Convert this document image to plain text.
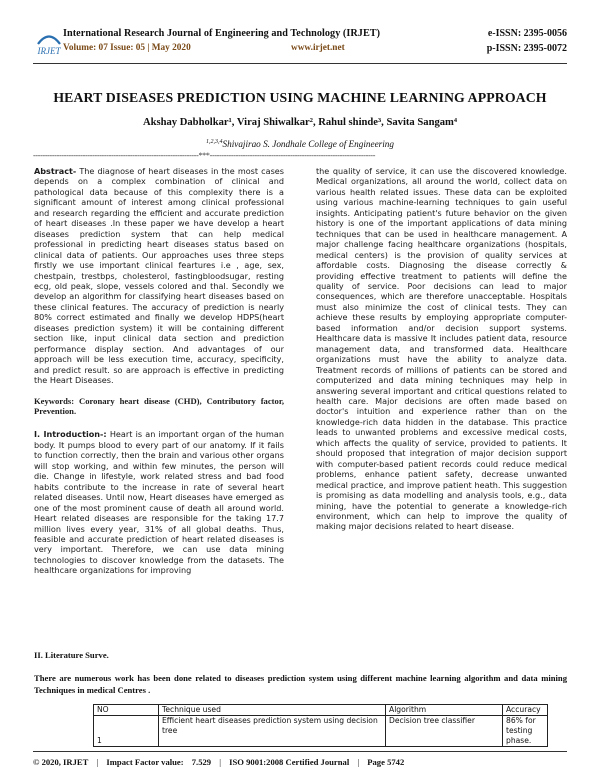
IRJET
International Research Journal of Engineering and Technology (IRJET)
Volume: 07 Issue: 05 | May 2020	www.irjet.net
e-ISSN: 2395-0056
p-ISSN: 2395-0072
HEART DISEASES PREDICTION USING MACHINE LEARNING APPROACH
Akshay Dabholkar¹, Viraj Shiwalkar², Rahul shinde³, Savita Sangam⁴
$^{1,2,3,4}$Shivajirao S. Jondhale College of Engineering
----------------------------------------------------------------------***----------------------------------------------------------------------

Abstract- The diagnose of heart diseases in the most cases depends on a complex combination of clinical and pathological data because of this complexity there is a significant amount of interest among clinical professional and research regarding the efficient and accurate prediction of heart diseases .In these paper we have develop a heart diseases prediction system that can help medical professional in predicting heart diseases status based on clinical data of patients. Our approaches uses three steps firstly we use important clinical feartures i.e , age, sex, chestpain, trestbps, cholesterol, fastingbloodsugar, resting ecg, old peak, slope, vessels colored and thal. Secondly we develop an algorithm for classifying heart diseases based on these clinical features. The accuracy of prediction is nearly 80% correct estimated and finally we develop HDPS(heart diseases prediction system) it will be containing different section like, input clinical data section and prediction performance display section. And advantages of our approach will be less execution time, accuracy, specificity, and predict result. so are approach is effective in predicting the Heart Diseases.

Keywords: Coronary heart disease (CHD), Contributory factor, Prevention.

I. Introduction-: Heart is an important organ of the human body. It pumps blood to every part of our anatomy. If it fails to function correctly, then the brain and various other organs will stop working, and within few minutes, the person will die. Change in lifestyle, work related stress and bad food habits contribute to the increase in rate of several heart related diseases. Until now, Heart diseases have emerged as one of the most prominent cause of death all around world. Heart related diseases are responsible for the taking 17.7 million lives every year, 31% of all global deaths. Thus, feasible and accurate prediction of heart related diseases is very important. Therefore, we can use data mining technologies to discover knowledge from the datasets. The healthcare organizations for improving

the quality of service, it can use the discovered knowledge. Medical organizations, all around the world, collect data on various health related issues. These data can be exploited using various machine-learning techniques to gain useful insights. Anticipating patient's future behavior on the given history is one of the important applications of data mining techniques that can be used in healthcare management. A major challenge facing healthcare organizations (hospitals, medical centers) is the provision of quality services at affordable costs. Diagnosing the disease correctly & providing effective treatment to patients will define the quality of service. Poor decisions can lead to major consequences, which are therefore unacceptable. Hospitals must also minimize the cost of clinical tests. They can achieve these results by employing appropriate computer-based information and/or decision support systems. Healthcare data is massive It includes patient data, resource management data, and transformed data. Healthcare organizations must have the ability to analyze data. Treatment records of millions of patients can be stored and computerized and data mining techniques may help in answering several important and critical questions related to health care. Major decisions are often made based on doctor's intuition and experience rather than on the knowledge-rich data hidden in the database. This practice leads to unwanted problems and excessive medical costs, which affects the quality of service, provided to patients. It should proposed that integration of major decision support with computer-based patient records could reduce medical problems, enhance patient safety, decrease unwanted medical practice, and improve patient heath. This suggestion is promising as data modelling and analysis tools, e.g., data mining, have the potential to generate a knowledge-rich environment, which can help to improve the quality of making major decisions related to heart disease.

II. Literature Surve.
There are numerous work has been done related to diseases prediction system using different machine learning algorithm and data mining Techniques in medical Centres .
NO	Technique used	Algorithm	Accuracy
1	Efficient heart diseases prediction system using decision tree	Decision tree classifier	86% for testing phase.
© 2020, IRJET | Impact Factor value: 7.529 | ISO 9001:2008 Certified Journal | Page 5742
